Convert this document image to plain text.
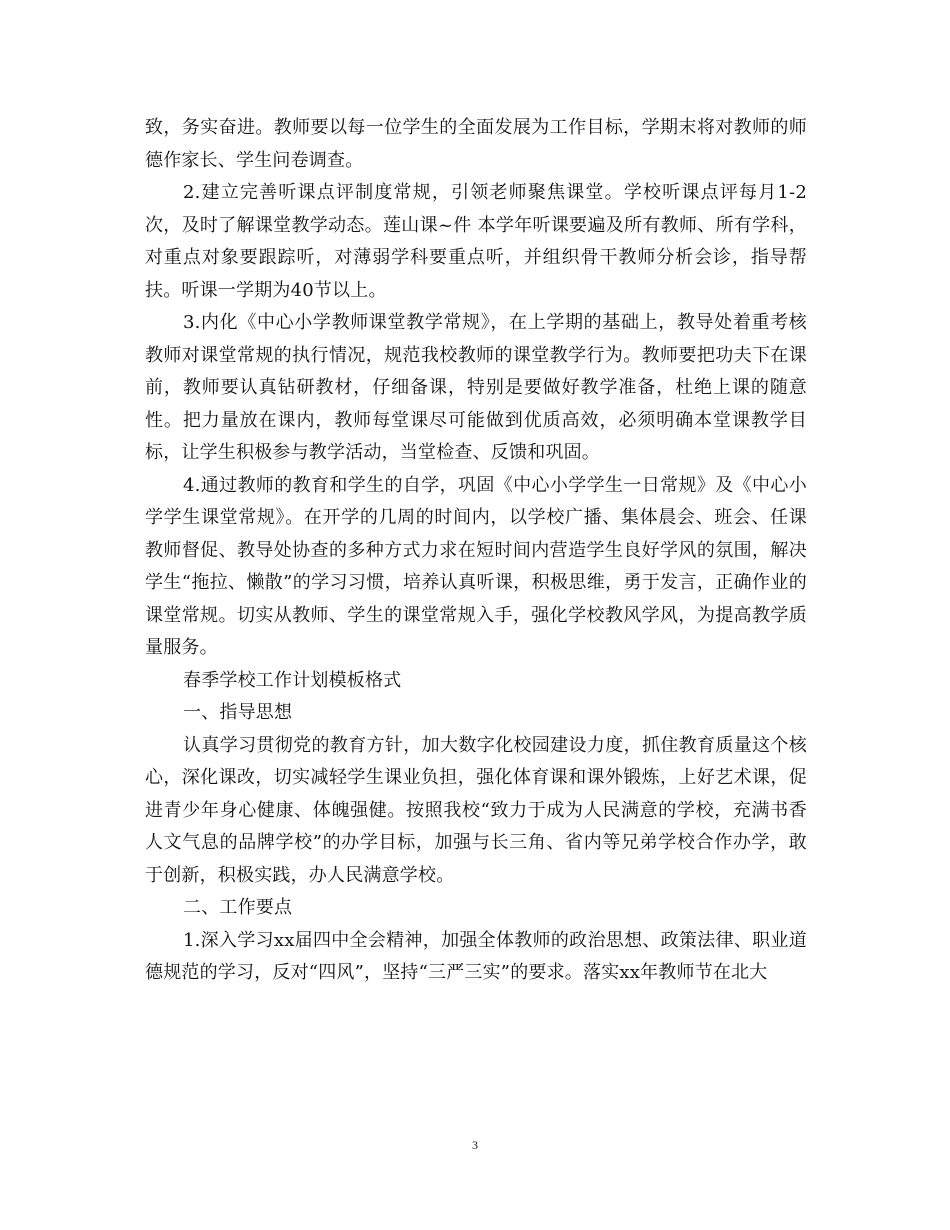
致，务实奋进。教师要以每一位学生的全面发展为工作目标，学期末将对教师的师德作家长、学生问卷调查。

2.建立完善听课点评制度常规，引领老师聚焦课堂。学校听课点评每月1-2次，及时了解课堂教学动态。莲山课~件 本学年听课要遍及所有教师、所有学科，对重点对象要跟踪听，对薄弱学科要重点听，并组织骨干教师分析会诊，指导帮扶。听课一学期为40节以上。

3.内化《中心小学教师课堂教学常规》，在上学期的基础上，教导处着重考核教师对课堂常规的执行情况，规范我校教师的课堂教学行为。教师要把功夫下在课前，教师要认真钻研教材，仔细备课，特别是要做好教学准备，杜绝上课的随意性。把力量放在课内，教师每堂课尽可能做到优质高效，必须明确本堂课教学目标，让学生积极参与教学活动，当堂检查、反馈和巩固。

4.通过教师的教育和学生的自学，巩固《中心小学学生一日常规》及《中心小学学生课堂常规》。在开学的几周的时间内，以学校广播、集体晨会、班会、任课教师督促、教导处协查的多种方式力求在短时间内营造学生良好学风的氛围，解决学生“拖拉、懒散”的学习习惯，培养认真听课，积极思维，勇于发言，正确作业的课堂常规。切实从教师、学生的课堂常规入手，强化学校教风学风，为提高教学质量服务。

春季学校工作计划模板格式

一、指导思想

认真学习贯彻党的教育方针，加大数字化校园建设力度，抓住教育质量这个核心，深化课改，切实减轻学生课业负担，强化体育课和课外锻炼，上好艺术课，促进青少年身心健康、体魄强健。按照我校“致力于成为人民满意的学校，充满书香人文气息的品牌学校”的办学目标，加强与长三角、省内等兄弟学校合作办学，敢于创新，积极实践，办人民满意学校。

二、工作要点

1.深入学习xx届四中全会精神，加强全体教师的政治思想、政策法律、职业道德规范的学习，反对“四风”，坚持“三严三实”的要求。落实xx年教师节在北大

3
